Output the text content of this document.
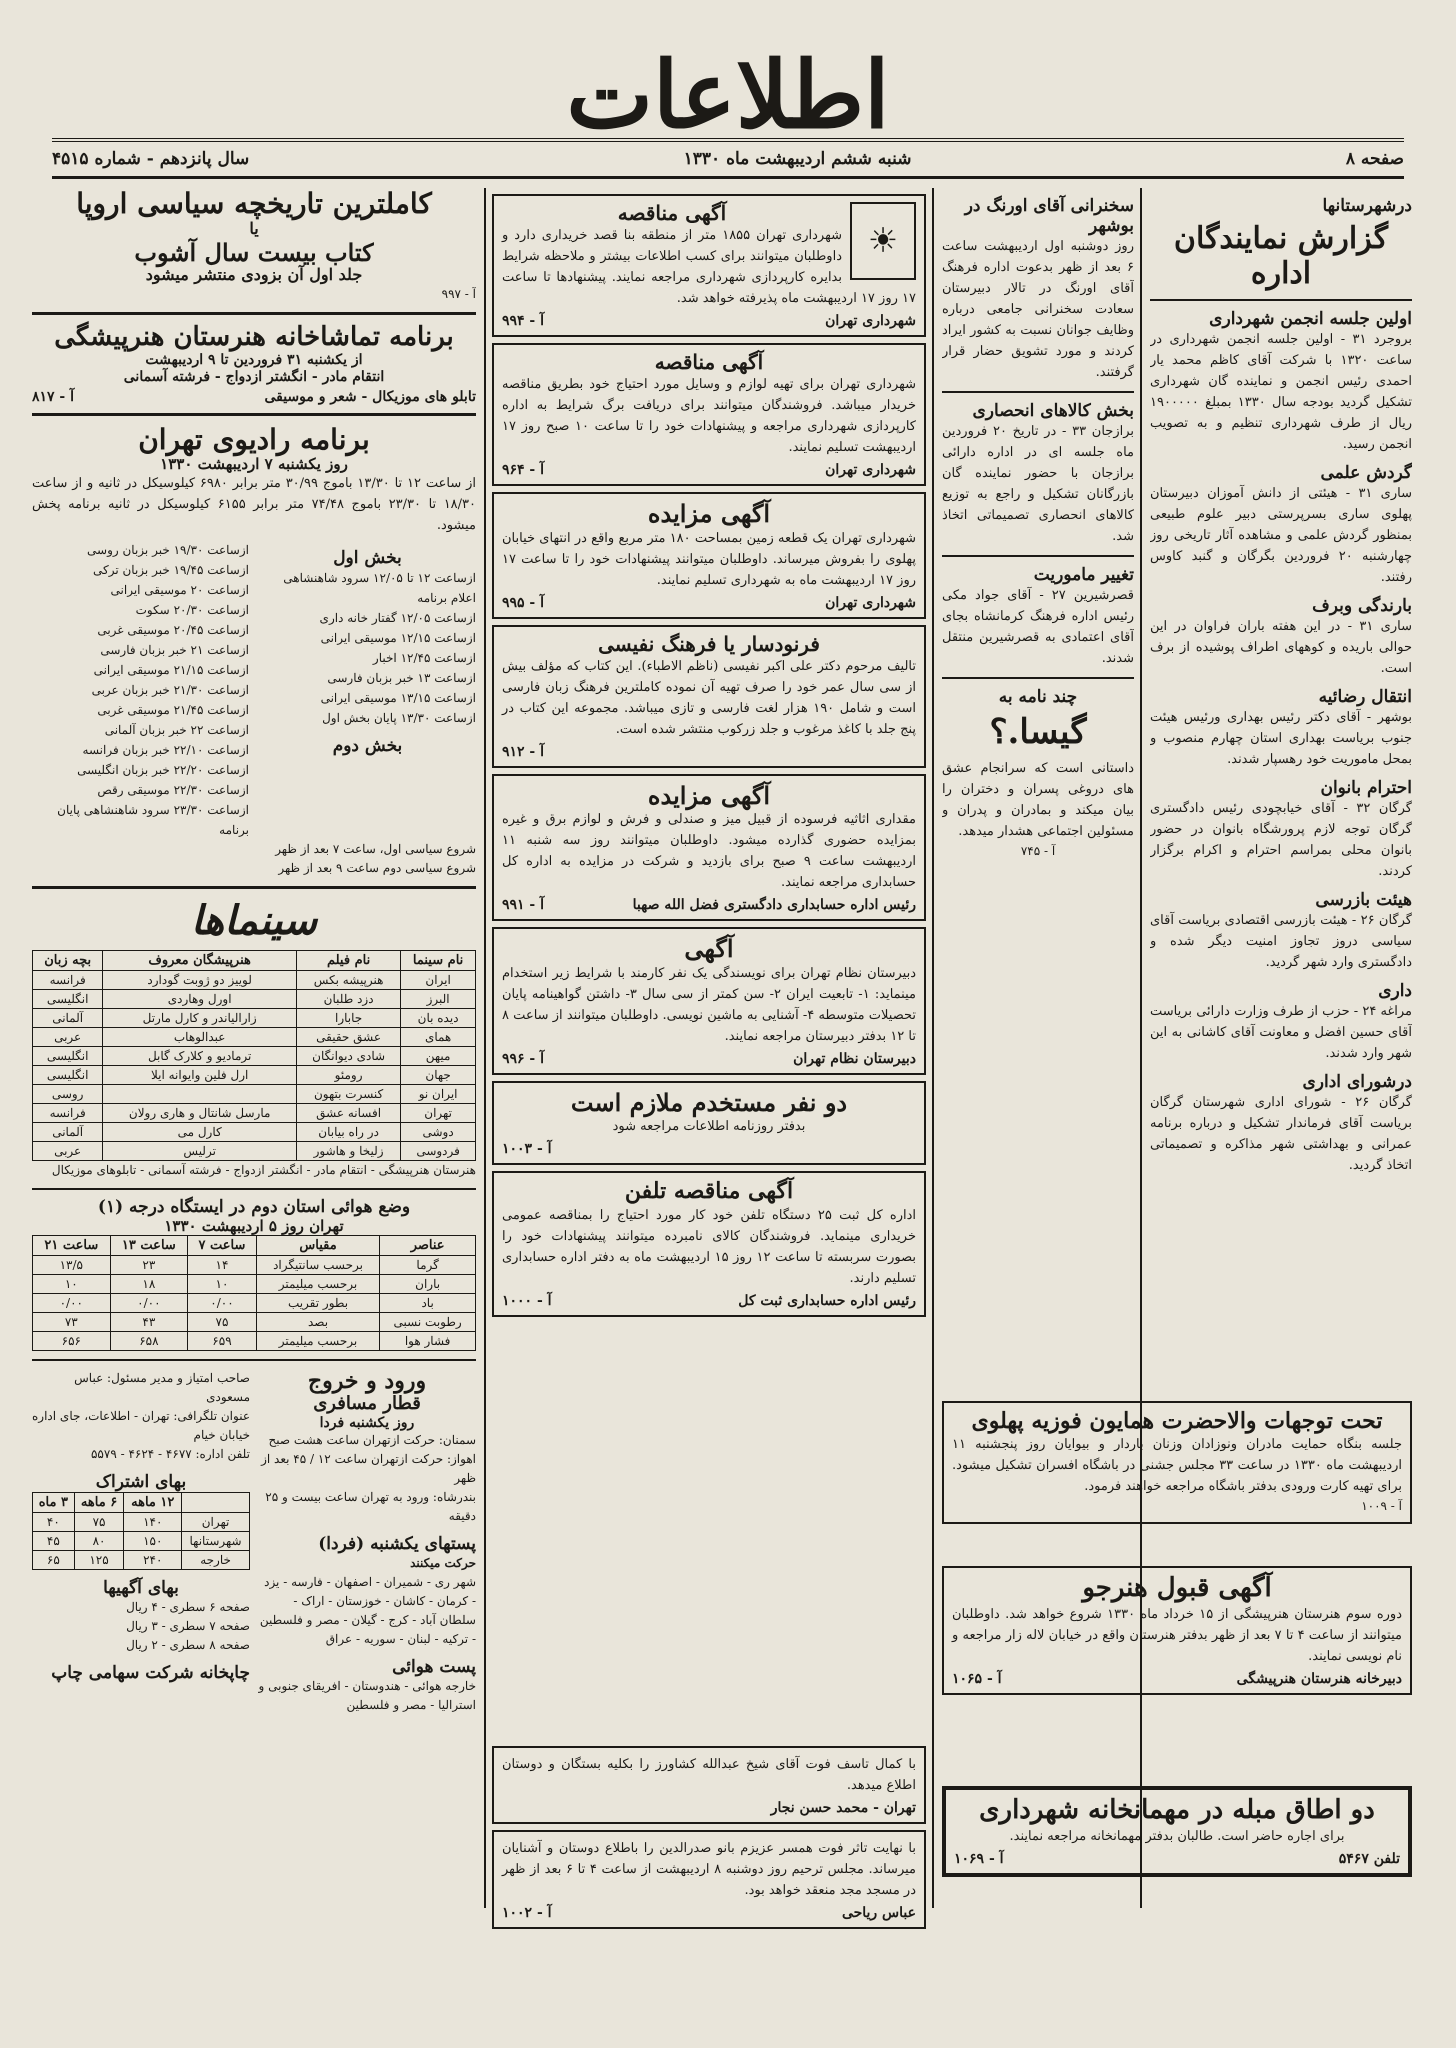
اطلاعات
صفحه ۸
شنبه ششم اردیبهشت ماه ۱۳۳۰
سال پانزدهم - شماره ۴۵۱۵
درشهرستانها
گزارش نمایندگان اداره
اولین جلسه انجمن شهرداری
بروجرد ۳۱ - اولین جلسه انجمن شهرداری در ساعت ۱۳۲۰ با شرکت آقای کاظم محمد یار احمدی رئیس انجمن و نماینده گان شهرداری تشکیل گردید بودجه سال ۱۳۳۰ بمبلغ ۱۹۰۰۰۰۰ ریال از طرف شهرداری تنظیم و به تصویب انجمن رسید.
گردش علمی
ساری ۳۱ - هیئتی از دانش آموزان دبیرستان پهلوی ساری بسرپرستی دبیر علوم طبیعی بمنظور گردش علمی و مشاهده آثار تاریخی روز چهارشنبه ۲۰ فروردین بگرگان و گنبد کاوس رفتند.
بارندگی وبرف
ساری ۳۱ - در این هفته باران فراوان در این حوالی باریده و کوههای اطراف پوشیده از برف است.
انتقال رضائیه
بوشهر - آقای دکتر رئیس بهداری ورئیس هیئت جنوب بریاست بهداری استان چهارم منصوب و بمحل ماموریت خود رهسپار شدند.
احترام بانوان
گرگان ۳۲ - آقای خیابچودی رئیس دادگستری گرگان توجه لازم پرورشگاه بانوان در حضور بانوان محلی بمراسم احترام و اکرام برگزار کردند.
هیئت بازرسی
گرگان ۲۶ - هیئت بازرسی اقتصادی بریاست آقای سیاسی دروز تجاوز امنیت دیگر شده و دادگستری وارد شهر گردید.
داری
مراغه ۲۴ - حزب از طرف وزارت دارائی بریاست آقای حسین افضل و معاونت آقای کاشانی به این شهر وارد شدند.
درشورای اداری
گرگان ۲۶ - شورای اداری شهرستان گرگان بریاست آقای فرماندار تشکیل و درباره برنامه عمرانی و بهداشتی شهر مذاکره و تصمیماتی اتخاذ گردید.
سخنرانی آقای اورنگ در بوشهر
روز دوشنبه اول اردیبهشت ساعت ۶ بعد از ظهر بدعوت اداره فرهنگ آقای اورنگ در تالار دبیرستان سعادت سخنرانی جامعی درباره وظایف جوانان نسبت به کشور ایراد کردند و مورد تشویق حضار قرار گرفتند.
بخش کالاهای انحصاری
برازجان ۳۳ - در تاریخ ۲۰ فروردین ماه جلسه ای در اداره دارائی برازجان با حضور نماینده گان بازرگانان تشکیل و راجع به توزیع کالاهای انحصاری تصمیماتی اتخاذ شد.
تغییر ماموریت
قصرشیرین ۲۷ - آقای جواد مکی رئیس اداره فرهنگ کرمانشاه بجای آقای اعتمادی به قصرشیرین منتقل شدند.
چند نامه به
گیسا.؟
داستانی است که سرانجام عشق های دروغی پسران و دختران را بیان میکند و بمادران و پدران و مسئولین اجتماعی هشدار میدهد.
آ - ۷۴۵
☀
آگهی مناقصه
شهرداری تهران ۱۸۵۵ متر از منطقه بنا قصد خریداری دارد و داوطلبان میتوانند برای کسب اطلاعات بیشتر و ملاحظه شرایط بدایره کارپردازی شهرداری مراجعه نمایند. پیشنهادها تا ساعت ۱۷ روز ۱۷ اردیبهشت ماه پذیرفته خواهد شد.
شهرداری تهران
آ - ۹۹۴
آگهی مناقصه
شهرداری تهران برای تهیه لوازم و وسایل مورد احتیاج خود بطریق مناقصه خریدار میباشد. فروشندگان میتوانند برای دریافت برگ شرایط به اداره کارپردازی شهرداری مراجعه و پیشنهادات خود را تا ساعت ۱۰ صبح روز ۱۷ اردیبهشت تسلیم نمایند.
شهرداری تهران
آ - ۹۶۴
آگهی مزایده
شهرداری تهران یک قطعه زمین بمساحت ۱۸۰ متر مربع واقع در انتهای خیابان پهلوی را بفروش میرساند. داوطلبان میتوانند پیشنهادات خود را تا ساعت ۱۷ روز ۱۷ اردیبهشت ماه به شهرداری تسلیم نمایند.
شهرداری تهران
آ - ۹۹۵
فرنودسار یا فرهنگ نفیسی
تالیف مرحوم دکتر علی اکبر نفیسی (ناظم الاطباء). این کتاب که مؤلف بیش از سی سال عمر خود را صرف تهیه آن نموده کاملترین فرهنگ زبان فارسی است و شامل ۱۹۰ هزار لغت فارسی و تازی میباشد. مجموعه این کتاب در پنج جلد با کاغذ مرغوب و جلد زرکوب منتشر شده است.
آ - ۹۱۲
آگهی مزایده
مقداری اثاثیه فرسوده از قبیل میز و صندلی و فرش و لوازم برق و غیره بمزایده حضوری گذارده میشود. داوطلبان میتوانند روز سه شنبه ۱۱ اردیبهشت ساعت ۹ صبح برای بازدید و شرکت در مزایده به اداره کل حسابداری مراجعه نمایند.
رئیس اداره حسابداری دادگستری فضل الله صهبا
آ - ۹۹۱
آگهی
دبیرستان نظام تهران برای نویسندگی یک نفر کارمند با شرایط زیر استخدام مینماید: ۱- تابعیت ایران ۲- سن کمتر از سی سال ۳- داشتن گواهینامه پایان تحصیلات متوسطه ۴- آشنایی به ماشین نویسی. داوطلبان میتوانند از ساعت ۸ تا ۱۲ بدفتر دبیرستان مراجعه نمایند.
دبیرستان نظام تهران
آ - ۹۹۶
دو نفر مستخدم ملازم است
بدفتر روزنامه اطلاعات مراجعه شود
آ - ۱۰۰۳
آگهی مناقصه تلفن
اداره کل ثبت ۲۵ دستگاه تلفن خود کار مورد احتیاج را بمناقصه عمومی خریداری مینماید. فروشندگان کالای نامبرده میتوانند پیشنهادات خود را بصورت سربسته تا ساعت ۱۲ روز ۱۵ اردیبهشت ماه به دفتر اداره حسابداری تسلیم دارند.
رئیس اداره حسابداری ثبت کل
آ - ۱۰۰۰
تحت توجهات والاحضرت همایون فوزیه پهلوی
جلسه بنگاه حمایت مادران ونوزادان وزنان باردار و بیوایان روز پنجشنبه ۱۱ اردیبهشت ماه ۱۳۳۰ در ساعت ۳۳ مجلس جشنی در باشگاه افسران تشکیل میشود. برای تهیه کارت ورودی بدفتر باشگاه مراجعه خواهند فرمود.
آ - ۱۰۰۹
آگهی قبول هنرجو
دوره سوم هنرستان هنرپیشگی از ۱۵ خرداد ماه ۱۳۳۰ شروع خواهد شد. داوطلبان میتوانند از ساعت ۴ تا ۷ بعد از ظهر بدفتر هنرستان واقع در خیابان لاله زار مراجعه و نام نویسی نمایند.
دبیرخانه هنرستان هنرپیشگی
آ - ۱۰۶۵
دو اطاق مبله در مهمانخانه شهرداری
برای اجاره حاضر است. طالبان بدفتر مهمانخانه مراجعه نمایند.
تلفن ۵۴۶۷
آ - ۱۰۶۹
با کمال تاسف فوت آقای شیخ عبدالله کشاورز را بکلیه بستگان و دوستان اطلاع میدهد.
تهران - محمد حسن نجار
با نهایت تاثر فوت همسر عزیزم بانو صدرالدین را باطلاع دوستان و آشنایان میرساند. مجلس ترحیم روز دوشنبه ۸ اردیبهشت از ساعت ۴ تا ۶ بعد از ظهر در مسجد مجد منعقد خواهد بود.
عباس ریاحی
آ - ۱۰۰۲
کاملترین تاریخچه سیاسی اروپا
یا
کتاب بیست سال آشوب
جلد اول آن بزودی منتشر میشود
آ - ۹۹۷
برنامه تماشاخانه هنرستان هنرپیشگی
از یکشنبه ۳۱ فروردین تا ۹ اردیبهشت
انتقام مادر - انگشتر ازدواج - فرشته آسمانی
تابلو های موزیکال - شعر و موسیقی
آ - ۸۱۷
برنامه رادیوی تهران
روز یکشنبه ۷ اردیبهشت ۱۳۳۰
از ساعت ۱۲ تا ۱۳/۳۰ باموج ۳۰/۹۹ متر برابر ۶۹۸۰ کیلوسیکل در ثانیه و از ساعت ۱۸/۳۰ تا ۲۳/۳۰ باموج ۷۴/۴۸ متر برابر ۶۱۵۵ کیلوسیکل در ثانیه برنامه پخش میشود.
بخش اول
ازساعت ۱۲ تا ۱۲/۰۵ سرود شاهنشاهی اعلام برنامه
ازساعت ۱۲/۰۵ گفتار خانه داری
ازساعت ۱۲/۱۵ موسیقی ایرانی
ازساعت ۱۲/۴۵ اخبار
ازساعت ۱۳ خبر بزبان فارسی
ازساعت ۱۳/۱۵ موسیقی ایرانی
ازساعت ۱۳/۳۰ پایان بخش اول
بخش دوم
ازساعت ۱۹/۳۰ خبر بزبان روسی
ازساعت ۱۹/۴۵ خبر بزبان ترکی
ازساعت ۲۰ موسیقی ایرانی
ازساعت ۲۰/۳۰ سکوت
ازساعت ۲۰/۴۵ موسیقی غربی
ازساعت ۲۱ خبر بزبان فارسی
ازساعت ۲۱/۱۵ موسیقی ایرانی
ازساعت ۲۱/۳۰ خبر بزبان عربی
ازساعت ۲۱/۴۵ موسیقی غربی
ازساعت ۲۲ خبر بزبان آلمانی
ازساعت ۲۲/۱۰ خبر بزبان فرانسه
ازساعت ۲۲/۲۰ خبر بزبان انگلیسی
ازساعت ۲۲/۳۰ موسیقی رقص
ازساعت ۲۳/۳۰ سرود شاهنشاهی پایان برنامه
شروع سیاسی اول، ساعت ۷ بعد از ظهر
شروع سیاسی دوم ساعت ۹ بعد از ظهر
سینماها
نام سینما	نام فیلم	هنرپیشگان معروف	بچه زبان
ایران	هنرپیشه بکس	لوییز دو ژوبت گودارد	فرانسه
البرز	دزد طلبان	اورل وهاردی	انگلیسی
دیده بان	جابارا	زارالیاندر و کارل مارتل	آلمانی
همای	عشق حقیقی	عبدالوهاب	عربی
میهن	شادی دیوانگان	ترمادیو و کلارک گابل	انگلیسی
جهان	رومئو	ارل فلین وایوانه ایلا	انگلیسی
ایران نو	کنسرت بتهون		روسی
تهران	افسانه عشق	مارسل شانتال و هاری رولان	فرانسه
دوشی	در راه بیابان	کارل می	آلمانی
فردوسی	زلیخا و هاشور	ترلیس	عربی
هنرستان هنرپیشگی - انتقام مادر - انگشتر ازدواج - فرشته آسمانی - تابلوهای موزیکال
وضع هوائی استان دوم در ایستگاه درجه (۱)
تهران روز ۵ اردیبهشت ۱۳۳۰
عناصر	مقیاس	ساعت ۷	ساعت ۱۳	ساعت ۲۱
گرما	برحسب سانتیگراد	۱۴	۲۳	۱۳/۵
باران	برحسب میلیمتر	۱۰	۱۸	۱۰
باد	بطور تقریب	۰/۰۰	۰/۰۰	۰/۰۰
رطوبت نسبی	بصد	۷۵	۴۳	۷۳
فشار هوا	برحسب میلیمتر	۶۵۹	۶۵۸	۶۵۶
ورود و خروج
قطار مسافری
روز یکشنبه فردا
سمنان: حرکت ازتهران ساعت هشت صبح
اهواز: حرکت ازتهران ساعت ۱۲ / ۴۵ بعد از ظهر
بندرشاه: ورود به تهران ساعت بیست و ۲۵ دقیقه
پستهای یکشنبه (فردا)
حرکت میکنند
شهر ری - شمیران - اصفهان - فارسه - یزد - کرمان - کاشان - خوزستان - اراک - سلطان آباد - کرج - گیلان - مصر و فلسطین - ترکیه - لبنان - سوریه - عراق
پست هوائی
خارجه هوائی - هندوستان - افریقای جنوبی و استرالیا - مصر و فلسطین
صاحب امتیاز و مدیر مسئول: عباس مسعودی
عنوان تلگرافی: تهران - اطلاعات، جای اداره خیابان خیام
تلفن اداره: ۴۶۷۷ - ۴۶۲۴ - ۵۵۷۹
بهای اشتراک
	۱۲ ماهه	۶ ماهه	۳ ماه
تهران	۱۴۰	۷۵	۴۰
شهرستانها	۱۵۰	۸۰	۴۵
خارجه	۲۴۰	۱۲۵	۶۵
بهای آگهیها
صفحه ۶ سطری - ۴ ریال
صفحه ۷ سطری - ۳ ریال
صفحه ۸ سطری - ۲ ریال
چاپخانه شرکت سهامی چاپ
